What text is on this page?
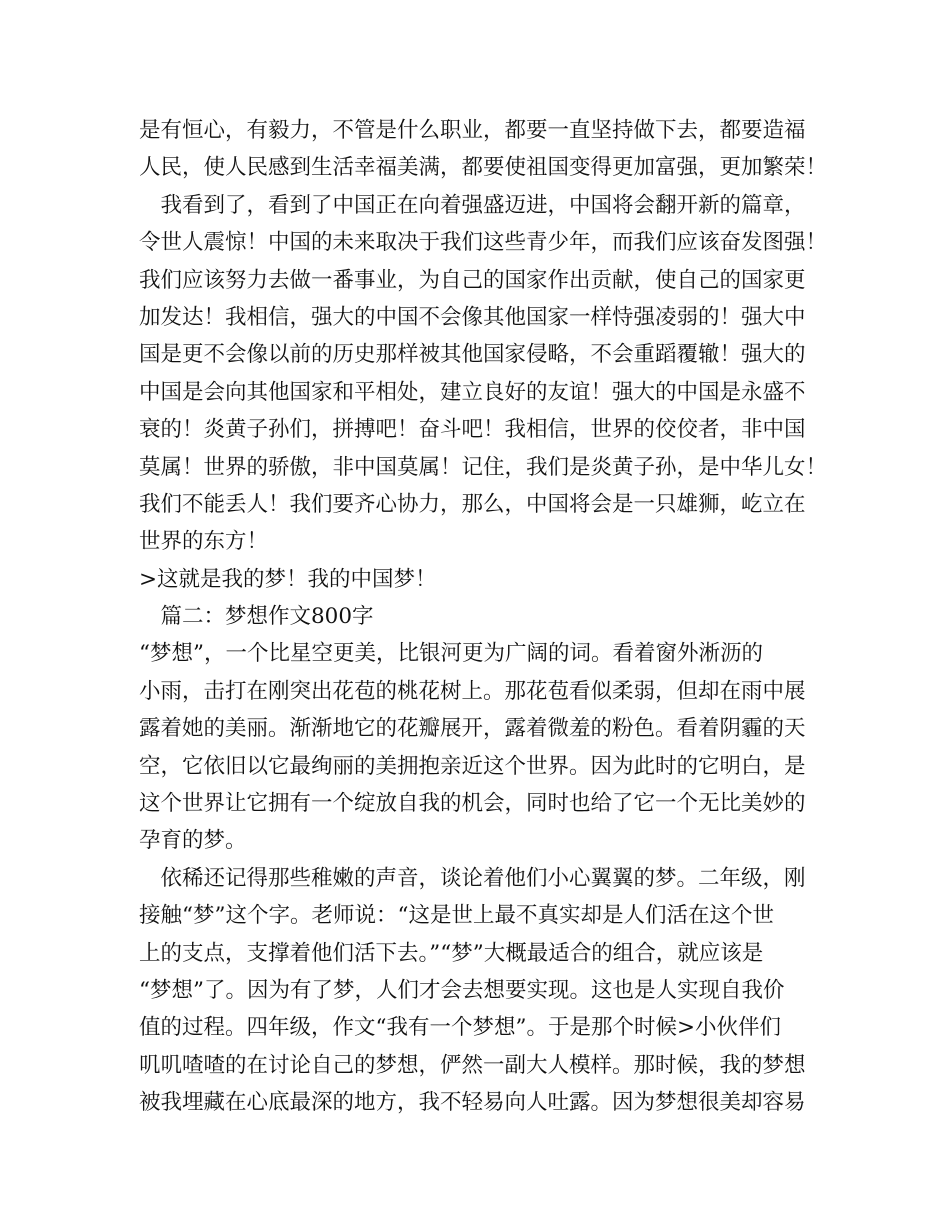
是有恒心，有毅力，不管是什么职业，都要一直坚持做下去，都要造福
人民，使人民感到生活幸福美满，都要使祖国变得更加富强，更加繁荣！
　我看到了，看到了中国正在向着强盛迈进，中国将会翻开新的篇章，
令世人震惊！中国的未来取决于我们这些青少年，而我们应该奋发图强！
我们应该努力去做一番事业，为自己的国家作出贡献，使自己的国家更
加发达！我相信，强大的中国不会像其他国家一样恃强凌弱的！强大中
国是更不会像以前的历史那样被其他国家侵略，不会重蹈覆辙！强大的
中国是会向其他国家和平相处，建立良好的友谊！强大的中国是永盛不
衰的！炎黄子孙们，拼搏吧！奋斗吧！我相信，世界的佼佼者，非中国
莫属！世界的骄傲，非中国莫属！记住，我们是炎黄子孙，是中华儿女！
我们不能丢人！我们要齐心协力，那么，中国将会是一只雄狮，屹立在
世界的东方！
>这就是我的梦！我的中国梦！
　篇二：梦想作文800字
“梦想”，一个比星空更美，比银河更为广阔的词。看着窗外淅沥的
小雨，击打在刚突出花苞的桃花树上。那花苞看似柔弱，但却在雨中展
露着她的美丽。渐渐地它的花瓣展开，露着微羞的粉色。看着阴霾的天
空，它依旧以它最绚丽的美拥抱亲近这个世界。因为此时的它明白，是
这个世界让它拥有一个绽放自我的机会，同时也给了它一个无比美妙的
孕育的梦。
　依稀还记得那些稚嫩的声音，谈论着他们小心翼翼的梦。二年级，刚
接触“梦”这个字。老师说：“这是世上最不真实却是人们活在这个世
上的支点，支撑着他们活下去。”“梦”大概最适合的组合，就应该是
“梦想”了。因为有了梦，人们才会去想要实现。这也是人实现自我价
值的过程。四年级，作文“我有一个梦想”。于是那个时候>小伙伴们
叽叽喳喳的在讨论自己的梦想，俨然一副大人模样。那时候，我的梦想
被我埋藏在心底最深的地方，我不轻易向人吐露。因为梦想很美却容易
